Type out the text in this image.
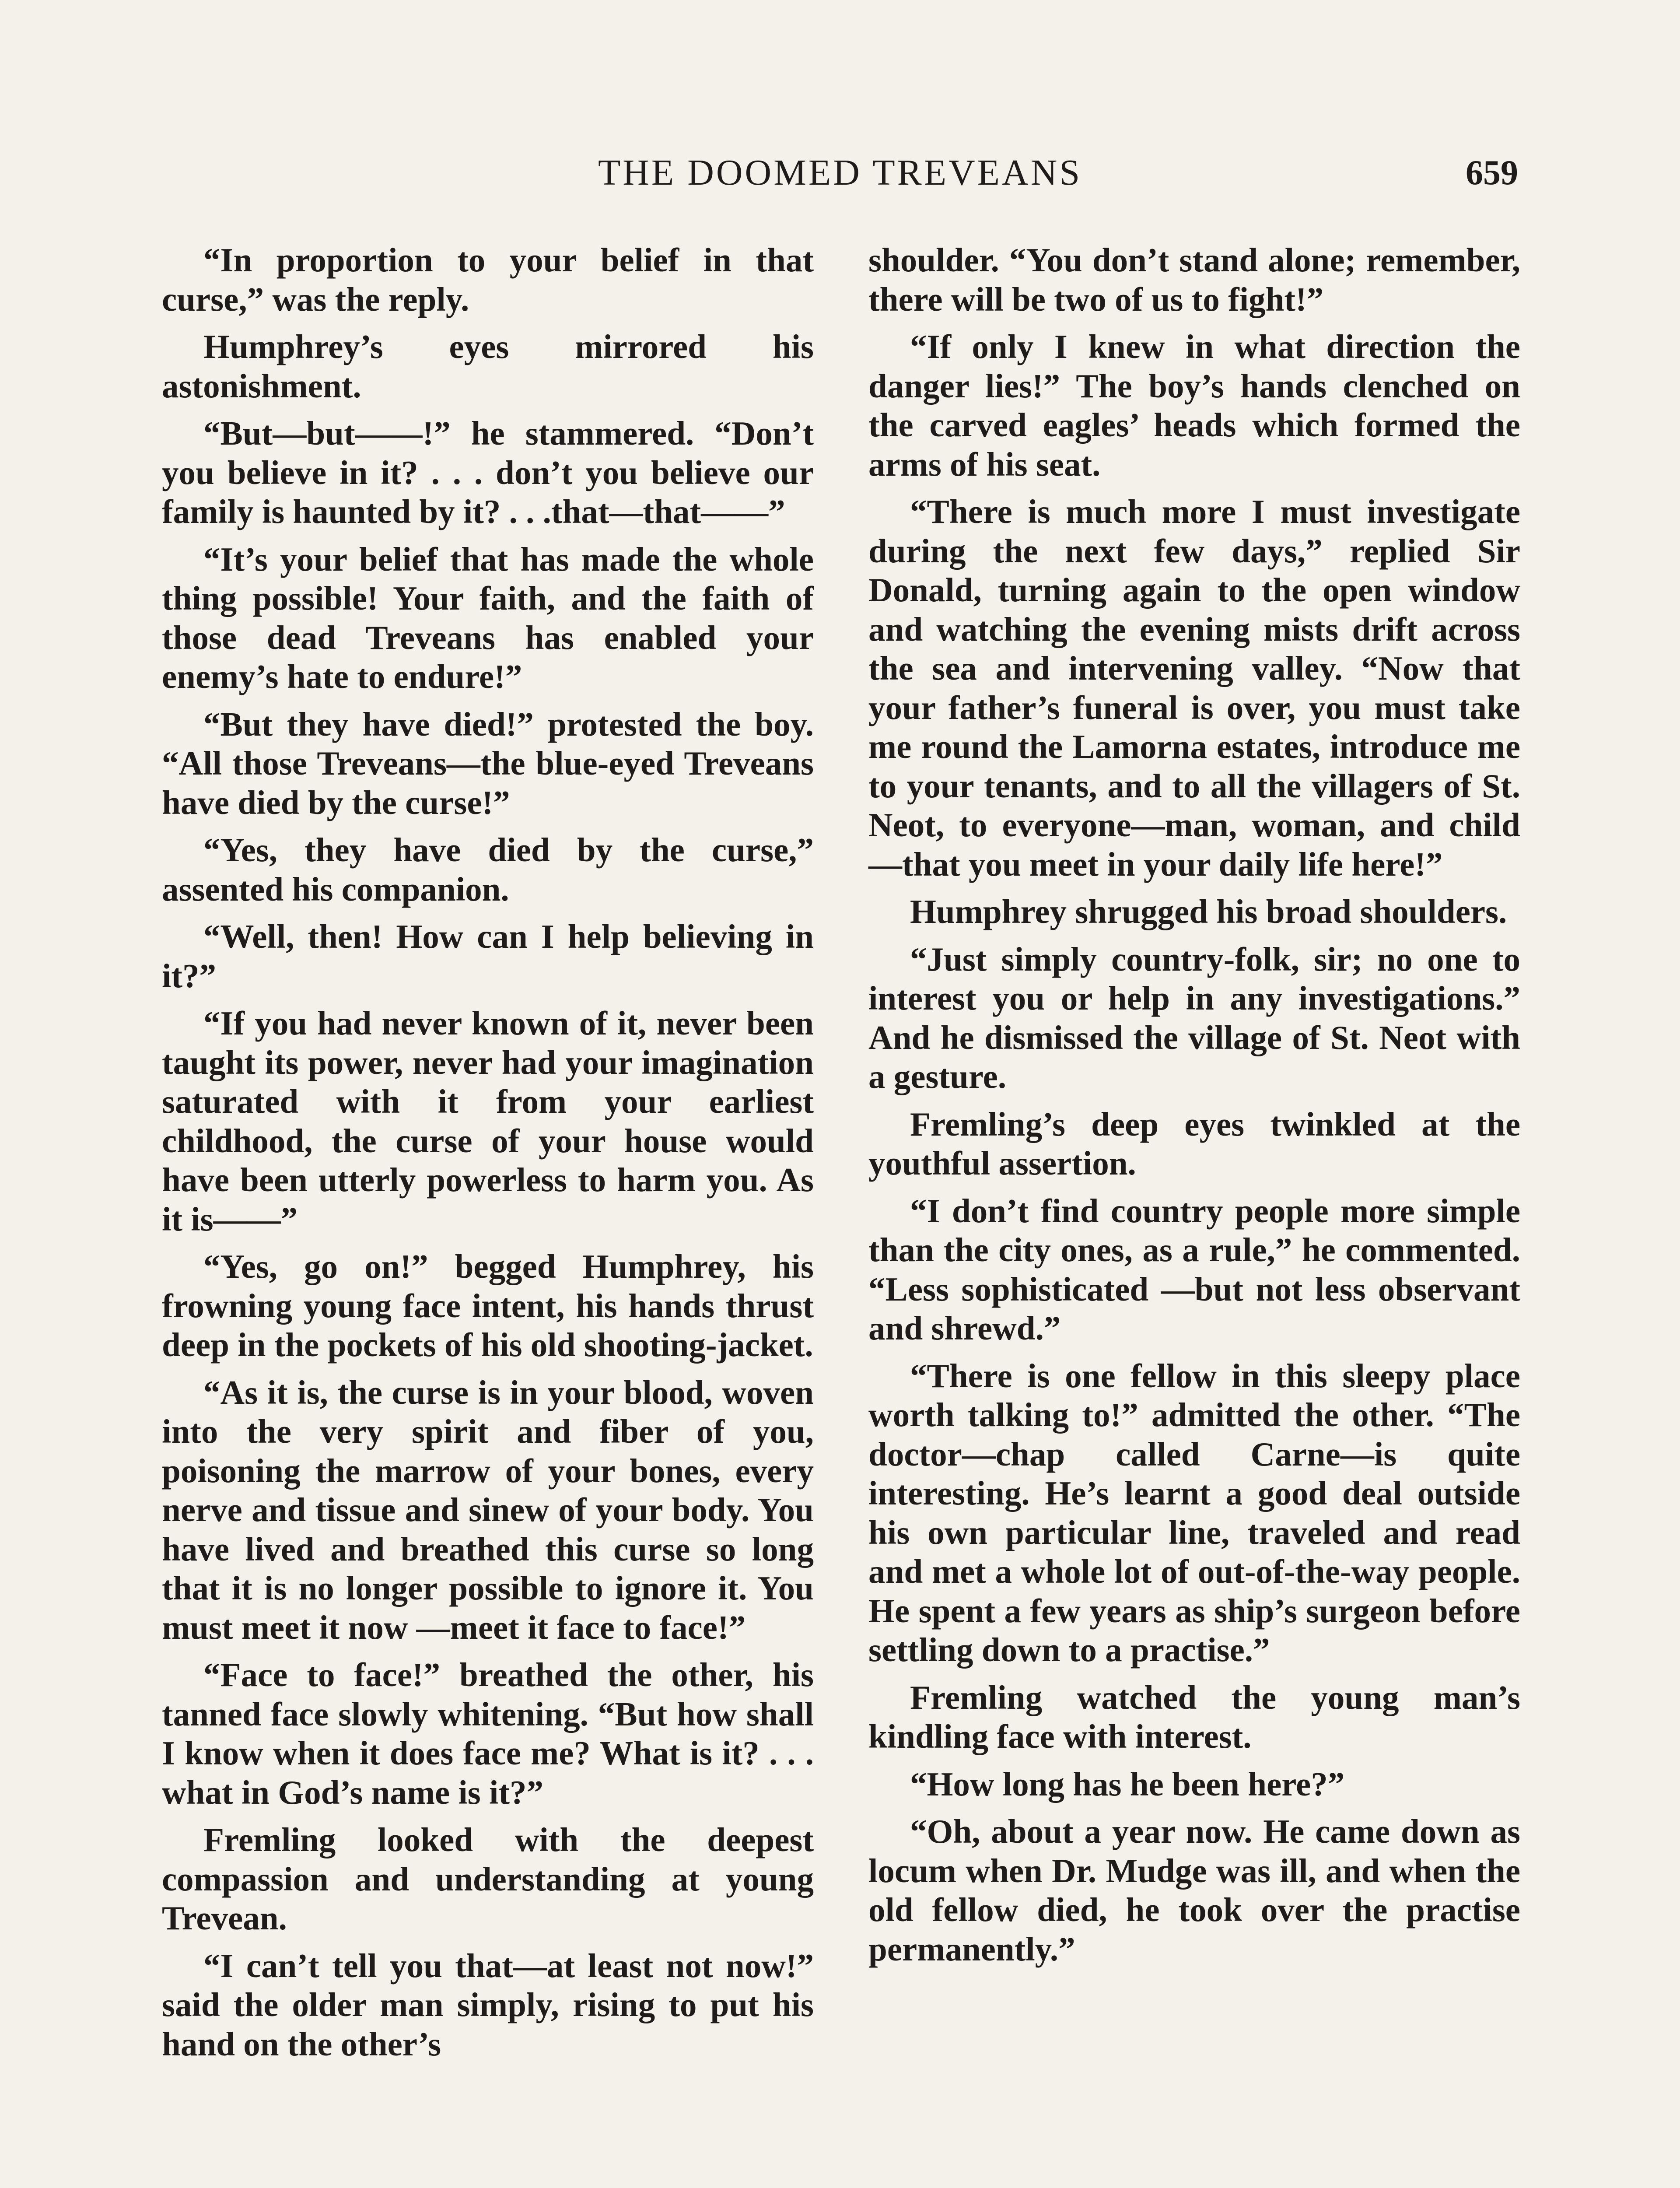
THE DOOMED TREVEANS	659

“In proportion to your belief in that curse,” was the reply.

Humphrey’s eyes mirrored his astonishment.

“But—but——!” he stammered. “Don’t you believe in it? . . . don’t you believe our family is haunted by it? . . .that—that——”

“It’s your belief that has made the whole thing possible! Your faith, and the faith of those dead Treveans has enabled your enemy’s hate to endure!”

“But they have died!” protested the boy. “All those Treveans—the blue-eyed Treveans have died by the curse!”

“Yes, they have died by the curse,” assented his companion.

“Well, then! How can I help believing in it?”

“If you had never known of it, never been taught its power, never had your imagination saturated with it from your earliest childhood, the curse of your house would have been utterly powerless to harm you. As it is——”

“Yes, go on!” begged Humphrey, his frowning young face intent, his hands thrust deep in the pockets of his old shooting-jacket.

“As it is, the curse is in your blood, woven into the very spirit and fiber of you, poisoning the marrow of your bones, every nerve and tissue and sinew of your body. You have lived and breathed this curse so long that it is no longer possible to ignore it. You must meet it now —meet it face to face!”

“Face to face!” breathed the other, his tanned face slowly whitening. “But how shall I know when it does face me? What is it? . . . what in God’s name is it?”

Fremling looked with the deepest compassion and understanding at young Trevean.

“I can’t tell you that—at least not now!” said the older man simply, rising to put his hand on the other’s

shoulder. “You don’t stand alone; remember, there will be two of us to fight!”

“If only I knew in what direction the danger lies!” The boy’s hands clenched on the carved eagles’ heads which formed the arms of his seat.

“There is much more I must investigate during the next few days,” replied Sir Donald, turning again to the open window and watching the evening mists drift across the sea and intervening valley. “Now that your father’s funeral is over, you must take me round the Lamorna estates, introduce me to your tenants, and to all the villagers of St. Neot, to everyone—man, woman, and child—that you meet in your daily life here!”

Humphrey shrugged his broad shoulders.

“Just simply country-folk, sir; no one to interest you or help in any investigations.” And he dismissed the village of St. Neot with a gesture.

Fremling’s deep eyes twinkled at the youthful assertion.

“I don’t find country people more simple than the city ones, as a rule,” he commented. “Less sophisticated —but not less observant and shrewd.”

“There is one fellow in this sleepy place worth talking to!” admitted the other. “The doctor—chap called Carne—is quite interesting. He’s learnt a good deal outside his own particular line, traveled and read and met a whole lot of out-of-the-way people. He spent a few years as ship’s surgeon before settling down to a practise.”

Fremling watched the young man’s kindling face with interest.

“How long has he been here?”

“Oh, about a year now. He came down as locum when Dr. Mudge was ill, and when the old fellow died, he took over the practise permanently.”
